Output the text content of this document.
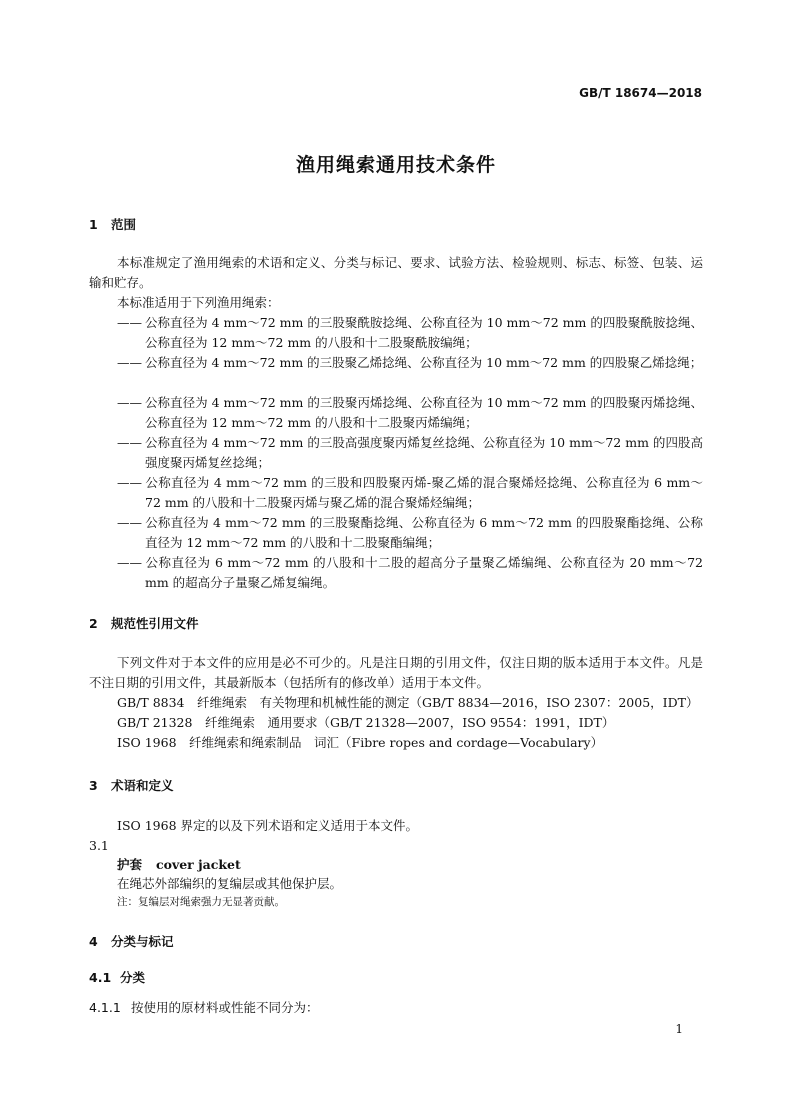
GB/T 18674—2018
渔用绳索通用技术条件
1 范围
本标准规定了渔用绳索的术语和定义、分类与标记、要求、试验方法、检验规则、标志、标签、包装、运输和贮存。
本标准适用于下列渔用绳索：
—— 公称直径为 4 mm～72 mm 的三股聚酰胺捻绳、公称直径为 10 mm～72 mm 的四股聚酰胺捻绳、公称直径为 12 mm～72 mm 的八股和十二股聚酰胺编绳；
—— 公称直径为 4 mm～72 mm 的三股聚乙烯捻绳、公称直径为 10 mm～72 mm 的四股聚乙烯捻绳；
—— 公称直径为 4 mm～72 mm 的三股聚丙烯捻绳、公称直径为 10 mm～72 mm 的四股聚丙烯捻绳、公称直径为 12 mm～72 mm 的八股和十二股聚丙烯编绳；
—— 公称直径为 4 mm～72 mm 的三股高强度聚丙烯复丝捻绳、公称直径为 10 mm～72 mm 的四股高强度聚丙烯复丝捻绳；
—— 公称直径为 4 mm～72 mm 的三股和四股聚丙烯-聚乙烯的混合聚烯烃捻绳、公称直径为 6 mm～72 mm 的八股和十二股聚丙烯与聚乙烯的混合聚烯烃编绳；
—— 公称直径为 4 mm～72 mm 的三股聚酯捻绳、公称直径为 6 mm～72 mm 的四股聚酯捻绳、公称直径为 12 mm～72 mm 的八股和十二股聚酯编绳；
—— 公称直径为 6 mm～72 mm 的八股和十二股的超高分子量聚乙烯编绳、公称直径为 20 mm～72 mm 的超高分子量聚乙烯复编绳。
2 规范性引用文件
下列文件对于本文件的应用是必不可少的。凡是注日期的引用文件，仅注日期的版本适用于本文件。凡是不注日期的引用文件，其最新版本（包括所有的修改单）适用于本文件。
GB/T 8834　纤维绳索　有关物理和机械性能的测定（GB/T 8834—2016，ISO 2307：2005，IDT）
GB/T 21328　纤维绳索　通用要求（GB/T 21328—2007，ISO 9554：1991，IDT）
ISO 1968　纤维绳索和绳索制品　词汇（Fibre ropes and cordage—Vocabulary）
3 术语和定义
ISO 1968 界定的以及下列术语和定义适用于本文件。
3.1
护套 cover jacket
在绳芯外部编织的复编层或其他保护层。
注：复编层对绳索强力无显著贡献。
4 分类与标记
4.1 分类
4.1.1 按使用的原材料或性能不同分为：
1
